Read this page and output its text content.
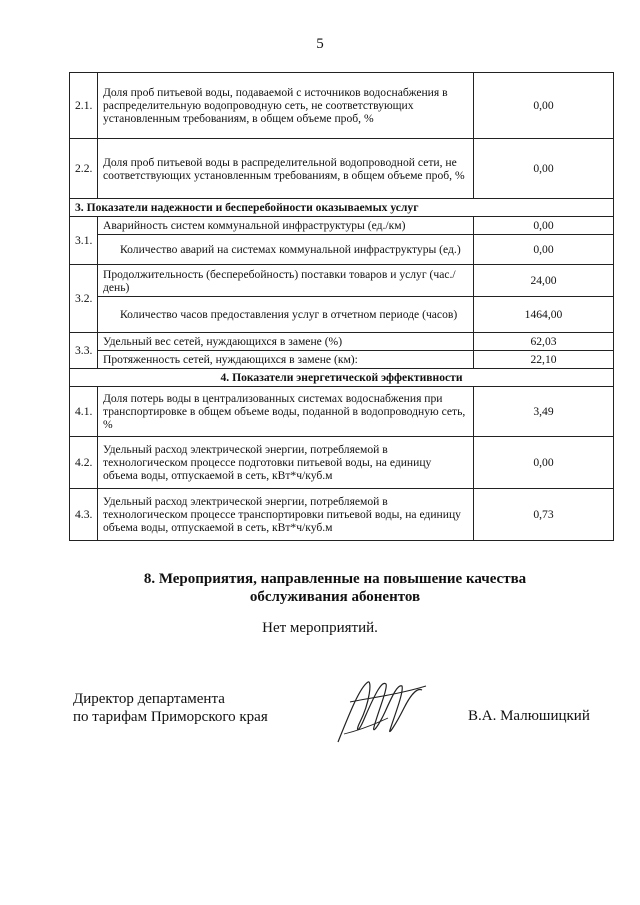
5
2.1.	Доля проб питьевой воды, подаваемой с источников водоснабжения в распределительную водопроводную сеть, не соответствующих установленным требованиям, в общем объеме проб, %	0,00
2.2.	Доля проб питьевой воды в распределительной водопроводной сети, не соответствующих установленным требованиям, в общем объеме проб, %	0,00
3. Показатели надежности и бесперебойности оказываемых услуг		
3.1.	Аварийность систем коммунальной инфраструктуры (ед./км)	0,00
	Количество аварий на системах коммунальной инфраструктуры (ед.)	0,00
3.2.	Продолжительность (бесперебойность) поставки товаров и услуг (час./день)	24,00
	Количество часов предоставления услуг в отчетном периоде (часов)	1464,00
3.3.	Удельный вес сетей, нуждающихся в замене (%)	62,03
	Протяженность сетей, нуждающихся в замене (км):	22,10
4. Показатели энергетической эффективности		
4.1.	Доля потерь воды в централизованных системах водоснабжения при транспортировке в общем объеме воды, поданной в водопроводную сеть, %	3,49
4.2.	Удельный расход электрической энергии, потребляемой в технологическом процессе подготовки питьевой воды, на единицу объема воды, отпускаемой в сеть, кВт*ч/куб.м	0,00
4.3.	Удельный расход электрической энергии, потребляемой в технологическом процессе транспортировки питьевой воды, на единицу объема воды, отпускаемой в сеть, кВт*ч/куб.м	0,73
8. Мероприятия, направленные на повышение качества обслуживания абонентов
Нет мероприятий.
Директор департамента
по тарифам Приморского края	В.А. Малюшицкий
